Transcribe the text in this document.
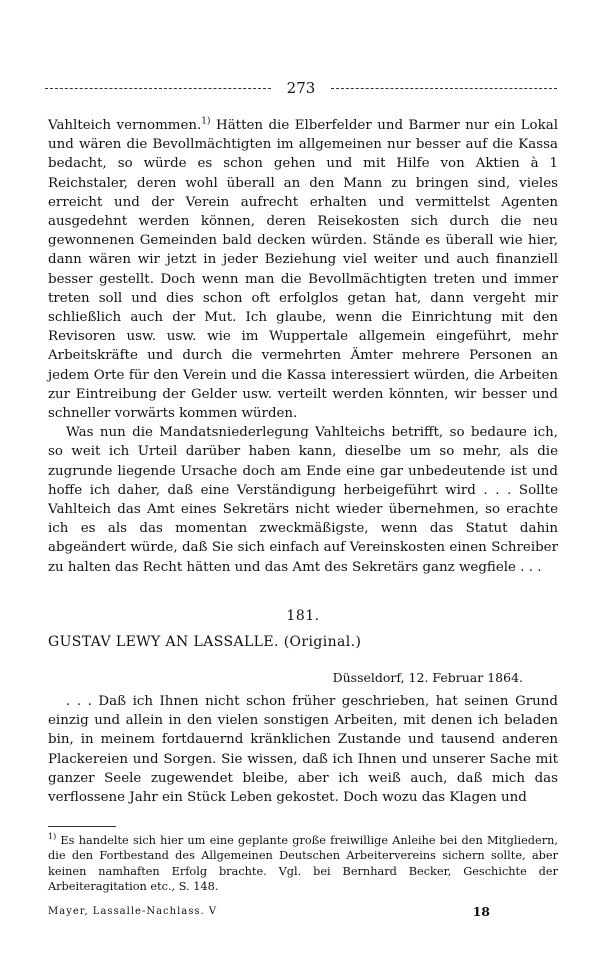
273

Vahlteich vernommen.$^{1)}$ Hätten die Elberfelder und Barmer nur ein Lokal und wären die Bevollmächtigten im allgemeinen nur besser auf die Kassa bedacht, so würde es schon gehen und mit Hilfe von Aktien à 1 Reichstaler, deren wohl überall an den Mann zu bringen sind, vieles erreicht und der Verein aufrecht erhalten und vermittelst Agenten ausgedehnt werden können, deren Reisekosten sich durch die neu gewonnenen Gemeinden bald decken würden. Stände es überall wie hier, dann wären wir jetzt in jeder Beziehung viel weiter und auch finanziell besser gestellt. Doch wenn man die Bevollmächtigten treten und immer treten soll und dies schon oft erfolglos getan hat, dann vergeht mir schließlich auch der Mut. Ich glaube, wenn die Einrichtung mit den Revisoren usw. usw. wie im Wuppertale allgemein eingeführt, mehr Arbeitskräfte und durch die vermehrten Ämter mehrere Personen an jedem Orte für den Verein und die Kassa interessiert würden, die Arbeiten zur Eintreibung der Gelder usw. verteilt werden könnten, wir besser und schneller vorwärts kommen würden.

Was nun die Mandatsniederlegung Vahlteichs betrifft, so bedaure ich, so weit ich Urteil darüber haben kann, dieselbe um so mehr, als die zugrunde liegende Ursache doch am Ende eine gar unbedeutende ist und hoffe ich daher, daß eine Verständigung herbeigeführt wird . . . Sollte Vahlteich das Amt eines Sekretärs nicht wieder übernehmen, so erachte ich es als das momentan zweckmäßigste, wenn das Statut dahin abgeändert würde, daß Sie sich einfach auf Vereinskosten einen Schreiber zu halten das Recht hätten und das Amt des Sekretärs ganz wegfiele . . .

181.
GUSTAV LEWY AN LASSALLE. (Original.)
Düsseldorf, 12. Februar 1864.

. . . Daß ich Ihnen nicht schon früher geschrieben, hat seinen Grund einzig und allein in den vielen sonstigen Arbeiten, mit denen ich beladen bin, in meinem fortdauernd kränklichen Zustande und tausend anderen Plackereien und Sorgen. Sie wissen, daß ich Ihnen und unserer Sache mit ganzer Seele zugewendet bleibe, aber ich weiß auch, daß mich das verflossene Jahr ein Stück Leben gekostet. Doch wozu das Klagen und

$^{1)}$ Es handelte sich hier um eine geplante große freiwillige Anleihe bei den Mitgliedern, die den Fortbestand des Allgemeinen Deutschen Arbeitervereins sichern sollte, aber keinen namhaften Erfolg brachte. Vgl. bei Bernhard Becker, Geschichte der Arbeiteragitation etc., S. 148.
Mayer, Lassalle-Nachlass. V	18
